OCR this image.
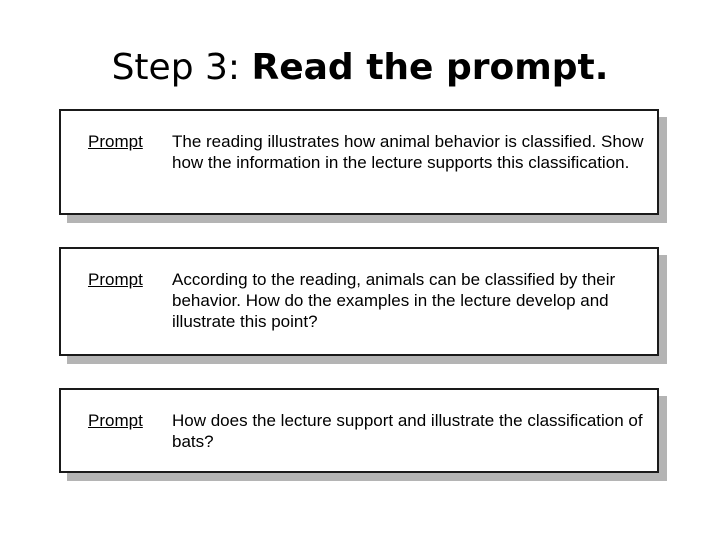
Step 3: Read the prompt.
Prompt The reading illustrates how animal behavior is classified. Show how the information in the lecture supports this classification.
Prompt According to the reading, animals can be classified by their behavior. How do the examples in the lecture develop and illustrate this point?
Prompt How does the lecture support and illustrate the classification of bats?
